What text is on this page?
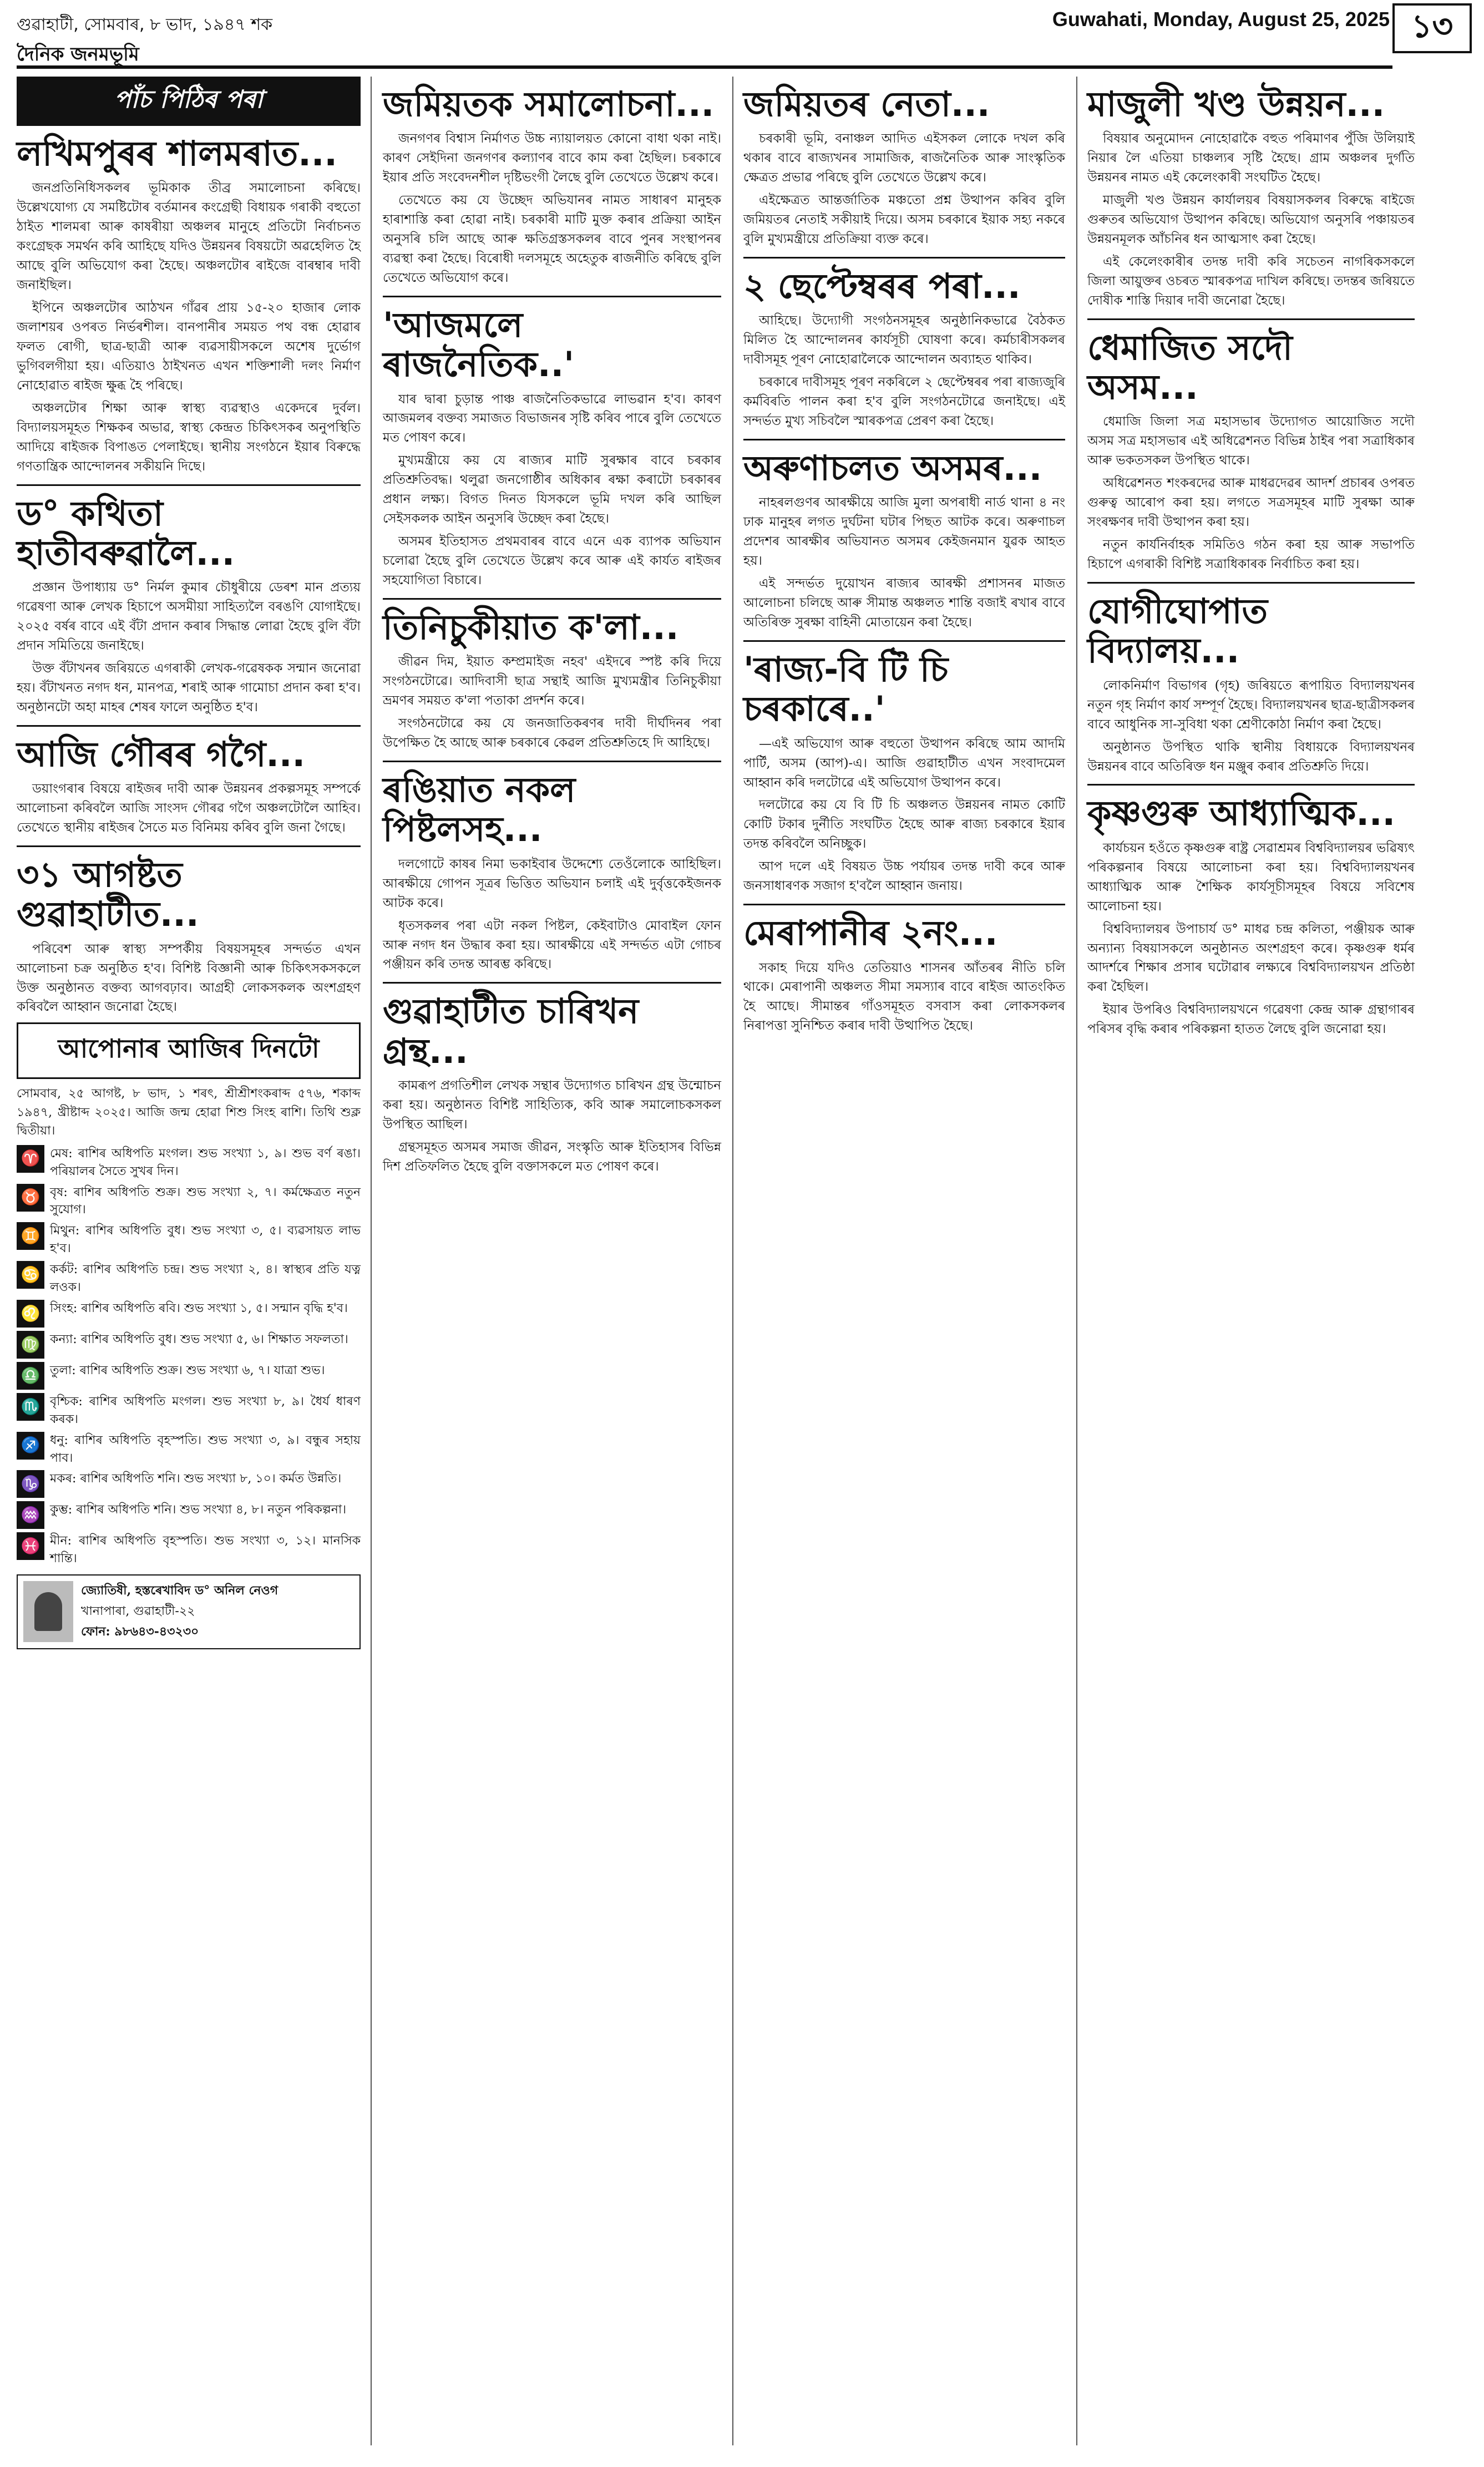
গুৱাহাটী, সোমবাৰ, ৮ ভাদ, ১৯৪৭ শক	Guwahati, Monday, August 25, 2025 ১৩
দৈনিক জনমভূমি
পাঁচ পিঠিৰ পৰা
লখিমপুৰৰ শালমৰাত...

জনপ্ৰতিনিধিসকলৰ ভূমিকাক তীব্ৰ সমালোচনা কৰিছে। উল্লেখযোগ্য যে সমষ্টিটোৰ বৰ্তমানৰ কংগ্ৰেছী বিধায়ক গৰাকী বহুতো ঠাইত শালমৰা আৰু কাষৰীয়া অঞ্চলৰ মানুহে প্ৰতিটো নিৰ্বাচনত কংগ্ৰেছক সমৰ্থন কৰি আহিছে যদিও উন্নয়নৰ বিষয়টো অৱহেলিত হৈ আছে বুলি অভিযোগ কৰা হৈছে। অঞ্চলটোৰ ৰাইজে বাৰম্বাৰ দাবী জনাইছিল।

ইপিনে অঞ্চলটোৰ আঠখন গাঁৱৰ প্ৰায় ১৫-২০ হাজাৰ লোক জলাশয়ৰ ওপৰত নিৰ্ভৰশীল। বানপানীৰ সময়ত পথ বন্ধ হোৱাৰ ফলত ৰোগী, ছাত্ৰ-ছাত্ৰী আৰু ব্যৱসায়ীসকলে অশেষ দুৰ্ভোগ ভুগিবলগীয়া হয়। এতিয়াও ঠাইখনত এখন শক্তিশালী দলং নিৰ্মাণ নোহোৱাত ৰাইজ ক্ষুব্ধ হৈ পৰিছে।

অঞ্চলটোৰ শিক্ষা আৰু স্বাস্থ্য ব্যৱস্থাও একেদৰে দুৰ্বল। বিদ্যালয়সমূহত শিক্ষকৰ অভাৱ, স্বাস্থ্য কেন্দ্ৰত চিকিৎসকৰ অনুপস্থিতি আদিয়ে ৰাইজক বিপাঙত পেলাইছে। স্থানীয় সংগঠনে ইয়াৰ বিৰুদ্ধে গণতান্ত্ৰিক আন্দোলনৰ সকীয়নি দিছে।

ড° কথিতা হাতীবৰুৱালৈ...

প্ৰজ্ঞান উপাধ্যায় ড° নিৰ্মল কুমাৰ চৌধুৰীয়ে ডেৰশ মান প্ৰত্যয় গৱেষণা আৰু লেখক হিচাপে অসমীয়া সাহিত্যলৈ বৰঙণি যোগাইছে। ২০২৫ বৰ্ষৰ বাবে এই বঁটা প্ৰদান কৰাৰ সিদ্ধান্ত লোৱা হৈছে বুলি বঁটা প্ৰদান সমিতিয়ে জনাইছে।

উক্ত বঁটাখনৰ জৰিয়তে এগৰাকী লেখক-গৱেষকক সন্মান জনোৱা হয়। বঁটাখনত নগদ ধন, মানপত্ৰ, শৰাই আৰু গামোচা প্ৰদান কৰা হ'ব। অনুষ্ঠানটো অহা মাহৰ শেষৰ ফালে অনুষ্ঠিত হ'ব।

আজি গৌৰৰ গগৈ...

ডয়াংগৰাৰ বিষয়ে ৰাইজৰ দাবী আৰু উন্নয়নৰ প্ৰকল্পসমূহ সম্পৰ্কে আলোচনা কৰিবলৈ আজি সাংসদ গৌৰৱ গগৈ অঞ্চলটোলৈ আহিব। তেখেতে স্থানীয় ৰাইজৰ সৈতে মত বিনিময় কৰিব বুলি জনা গৈছে।

৩১ আগষ্টত গুৱাহাটীত...

পৰিবেশ আৰু স্বাস্থ্য সম্পৰ্কীয় বিষয়সমূহৰ সন্দৰ্ভত এখন আলোচনা চক্ৰ অনুষ্ঠিত হ'ব। বিশিষ্ট বিজ্ঞানী আৰু চিকিৎসকসকলে উক্ত অনুষ্ঠানত বক্তব্য আগবঢ়াব। আগ্ৰহী লোকসকলক অংশগ্ৰহণ কৰিবলৈ আহ্বান জনোৱা হৈছে।

আপোনাৰ আজিৰ দিনটো
সোমবাৰ, ২৫ আগষ্ট, ৮ ভাদ, ১ শৰৎ, শ্ৰীশ্ৰীশংকৰাব্দ ৫৭৬, শকাব্দ ১৯৪৭, খ্ৰীষ্টাব্দ ২০২৫। আজি জন্ম হোৱা শিশু সিংহ ৰাশি। তিথি শুক্ল দ্বিতীয়া।
♈ মেষ: ৰাশিৰ অধিপতি মংগল। শুভ সংখ্যা ১, ৯। শুভ বৰ্ণ ৰঙা। পৰিয়ালৰ সৈতে সুখৰ দিন।
♉ বৃষ: ৰাশিৰ অধিপতি শুক্ৰ। শুভ সংখ্যা ২, ৭। কৰ্মক্ষেত্ৰত নতুন সুযোগ।
♊ মিথুন: ৰাশিৰ অধিপতি বুধ। শুভ সংখ্যা ৩, ৫। ব্যৱসায়ত লাভ হ'ব।
♋ কৰ্কট: ৰাশিৰ অধিপতি চন্দ্ৰ। শুভ সংখ্যা ২, ৪। স্বাস্থ্যৰ প্ৰতি যত্ন লওক।
♌ সিংহ: ৰাশিৰ অধিপতি ৰবি। শুভ সংখ্যা ১, ৫। সন্মান বৃদ্ধি হ'ব।
♍ কন্যা: ৰাশিৰ অধিপতি বুধ। শুভ সংখ্যা ৫, ৬। শিক্ষাত সফলতা।
♎ তুলা: ৰাশিৰ অধিপতি শুক্ৰ। শুভ সংখ্যা ৬, ৭। যাত্ৰা শুভ।
♏ বৃশ্চিক: ৰাশিৰ অধিপতি মংগল। শুভ সংখ্যা ৮, ৯। ধৈৰ্য ধাৰণ কৰক।
♐ ধনু: ৰাশিৰ অধিপতি বৃহস্পতি। শুভ সংখ্যা ৩, ৯। বন্ধুৰ সহায় পাব।
♑ মকৰ: ৰাশিৰ অধিপতি শনি। শুভ সংখ্যা ৮, ১০। কৰ্মত উন্নতি।
♒ কুম্ভ: ৰাশিৰ অধিপতি শনি। শুভ সংখ্যা ৪, ৮। নতুন পৰিকল্পনা।
♓ মীন: ৰাশিৰ অধিপতি বৃহস্পতি। শুভ সংখ্যা ৩, ১২। মানসিক শান্তি।
জ্যোতিষী, হস্তৰেখাবিদ ড° অনিল নেওগ
খানাপাৰা, গুৱাহাটী-২২
ফোন: ৯৮৬৪৩-৪৩২৩০
জমিয়তক সমালোচনা...

জনগণৰ বিশ্বাস নিৰ্মাণত উচ্চ ন্যায়ালয়ত কোনো বাধা থকা নাই। কাৰণ সেইদিনা জনগণৰ কল্যাণৰ বাবে কাম কৰা হৈছিল। চৰকাৰে ইয়াৰ প্ৰতি সংবেদনশীল দৃষ্টিভংগী লৈছে বুলি তেখেতে উল্লেখ কৰে।

তেখেতে কয় যে উচ্ছেদ অভিযানৰ নামত সাধাৰণ মানুহক হাৰাশাস্তি কৰা হোৱা নাই। চৰকাৰী মাটি মুক্ত কৰাৰ প্ৰক্ৰিয়া আইন অনুসৰি চলি আছে আৰু ক্ষতিগ্ৰস্তসকলৰ বাবে পুনৰ সংস্থাপনৰ ব্যৱস্থা কৰা হৈছে। বিৰোধী দলসমূহে অহেতুক ৰাজনীতি কৰিছে বুলি তেখেতে অভিযোগ কৰে।

'আজমলে ৰাজনৈতিক..'

যাৰ দ্বাৰা চুড়ান্ত পাঞ্চ ৰাজনৈতিকভাৱে লাভৱান হ'ব। কাৰণ আজমলৰ বক্তব্য সমাজত বিভাজনৰ সৃষ্টি কৰিব পাৰে বুলি তেখেতে মত পোষণ কৰে।

মুখ্যমন্ত্ৰীয়ে কয় যে ৰাজ্যৰ মাটি সুৰক্ষাৰ বাবে চৰকাৰ প্ৰতিশ্ৰুতিবদ্ধ। থলুৱা জনগোষ্ঠীৰ অধিকাৰ ৰক্ষা কৰাটো চৰকাৰৰ প্ৰধান লক্ষ্য। বিগত দিনত যিসকলে ভূমি দখল কৰি আছিল সেইসকলক আইন অনুসৰি উচ্ছেদ কৰা হৈছে।

অসমৰ ইতিহাসত প্ৰথমবাৰৰ বাবে এনে এক ব্যাপক অভিযান চলোৱা হৈছে বুলি তেখেতে উল্লেখ কৰে আৰু এই কাৰ্যত ৰাইজৰ সহযোগিতা বিচাৰে।

তিনিচুকীয়াত ক'লা...

জীৱন দিম, ইয়াত কম্প্ৰমাইজ নহব' এইদৰে স্পষ্ট কৰি দিয়ে সংগঠনটোৱে। আদিবাসী ছাত্ৰ সন্থাই আজি মুখ্যমন্ত্ৰীৰ তিনিচুকীয়া ভ্ৰমণৰ সময়ত ক'লা পতাকা প্ৰদৰ্শন কৰে।

সংগঠনটোৱে কয় যে জনজাতিকৰণৰ দাবী দীৰ্ঘদিনৰ পৰা উপেক্ষিত হৈ আছে আৰু চৰকাৰে কেৱল প্ৰতিশ্ৰুতিহে দি আহিছে।

ৰঙিয়াত নকল পিষ্টলসহ...

দলগোটে কাষৰ নিমা ভকাইবাৰ উদ্দেশ্যে তেওঁলোকে আহিছিল। আৰক্ষীয়ে গোপন সূত্ৰৰ ভিত্তিত অভিযান চলাই এই দুৰ্বৃত্তকেইজনক আটক কৰে।

ধৃতসকলৰ পৰা এটা নকল পিষ্টল, কেইবাটাও মোবাইল ফোন আৰু নগদ ধন উদ্ধাৰ কৰা হয়। আৰক্ষীয়ে এই সন্দৰ্ভত এটা গোচৰ পঞ্জীয়ন কৰি তদন্ত আৰম্ভ কৰিছে।

গুৱাহাটীত চাৰিখন গ্ৰন্থ...

কামৰূপ প্ৰগতিশীল লেখক সন্থাৰ উদ্যোগত চাৰিখন গ্ৰন্থ উন্মোচন কৰা হয়। অনুষ্ঠানত বিশিষ্ট সাহিত্যিক, কবি আৰু সমালোচকসকল উপস্থিত আছিল।

গ্ৰন্থসমূহত অসমৰ সমাজ জীৱন, সংস্কৃতি আৰু ইতিহাসৰ বিভিন্ন দিশ প্ৰতিফলিত হৈছে বুলি বক্তাসকলে মত পোষণ কৰে।

জমিয়তৰ নেতা...

চৰকাৰী ভূমি, বনাঞ্চল আদিত এইসকল লোকে দখল কৰি থকাৰ বাবে ৰাজ্যখনৰ সামাজিক, ৰাজনৈতিক আৰু সাংস্কৃতিক ক্ষেত্ৰত প্ৰভাৱ পৰিছে বুলি তেখেতে উল্লেখ কৰে।

এইক্ষেত্ৰত আন্তৰ্জাতিক মঞ্চতো প্ৰশ্ন উত্থাপন কৰিব বুলি জমিয়তৰ নেতাই সকীয়াই দিয়ে। অসম চৰকাৰে ইয়াক সহ্য নকৰে বুলি মুখ্যমন্ত্ৰীয়ে প্ৰতিক্ৰিয়া ব্যক্ত কৰে।

২ ছেপ্টেম্বৰৰ পৰা...

আহিছে। উদ্যোগী সংগঠনসমূহৰ অনুষ্ঠানিকভাৱে বৈঠকত মিলিত হৈ আন্দোলনৰ কাৰ্যসূচী ঘোষণা কৰে। কৰ্মচাৰীসকলৰ দাবীসমূহ পূৰণ নোহোৱালৈকে আন্দোলন অব্যাহত থাকিব।

চৰকাৰে দাবীসমূহ পূৰণ নকৰিলে ২ ছেপ্টেম্বৰৰ পৰা ৰাজ্যজুৰি কৰ্মবিৰতি পালন কৰা হ'ব বুলি সংগঠনটোৱে জনাইছে। এই সন্দৰ্ভত মুখ্য সচিবলৈ স্মাৰকপত্ৰ প্ৰেৰণ কৰা হৈছে।

অৰুণাচলত অসমৰ...

নাহৰলগুণৰ আৰক্ষীয়ে আজি মুলা অপৰাধী নাৰ্ড থানা ৪ নং ঢাক মানুহৰ লগত দুৰ্ঘটনা ঘটাৰ পিছত আটক কৰে। অৰুণাচল প্ৰদেশৰ আৰক্ষীৰ অভিযানত অসমৰ কেইজনমান যুৱক আহত হয়।

এই সন্দৰ্ভত দুয়োখন ৰাজ্যৰ আৰক্ষী প্ৰশাসনৰ মাজত আলোচনা চলিছে আৰু সীমান্ত অঞ্চলত শান্তি বজাই ৰখাৰ বাবে অতিৰিক্ত সুৰক্ষা বাহিনী মোতায়েন কৰা হৈছে।

'ৰাজ্য-বি টি চি চৰকাৰে..'

—এই অভিযোগ আৰু বহুতো উত্থাপন কৰিছে আম আদমি পাৰ্টি, অসম (আপ)-এ। আজি গুৱাহাটীত এখন সংবাদমেল আহ্বান কৰি দলটোৱে এই অভিযোগ উত্থাপন কৰে।

দলটোৱে কয় যে বি টি চি অঞ্চলত উন্নয়নৰ নামত কোটি কোটি টকাৰ দুৰ্নীতি সংঘটিত হৈছে আৰু ৰাজ্য চৰকাৰে ইয়াৰ তদন্ত কৰিবলৈ অনিচ্ছুক।

আপ দলে এই বিষয়ত উচ্চ পৰ্যায়ৰ তদন্ত দাবী কৰে আৰু জনসাধাৰণক সজাগ হ'বলৈ আহ্বান জনায়।

মেৰাপানীৰ ২নং...

সকাহ দিয়ে যদিও তেতিয়াও শাসনৰ আঁতৰৰ নীতি চলি থাকে। মেৰাপানী অঞ্চলত সীমা সমস্যাৰ বাবে ৰাইজ আতংকিত হৈ আছে। সীমান্তৰ গাঁওসমূহত বসবাস কৰা লোকসকলৰ নিৰাপত্তা সুনিশ্চিত কৰাৰ দাবী উত্থাপিত হৈছে।

মাজুলী খণ্ড উন্নয়ন...

বিষয়াৰ অনুমোদন নোহোৱাকৈ বহুত পৰিমাণৰ পুঁজি উলিয়াই নিয়াৰ লৈ এতিয়া চাঞ্চল্যৰ সৃষ্টি হৈছে। গ্ৰাম অঞ্চলৰ দুৰ্গতি উন্নয়নৰ নামত এই কেলেংকাৰী সংঘটিত হৈছে।

মাজুলী খণ্ড উন্নয়ন কাৰ্যালয়ৰ বিষয়াসকলৰ বিৰুদ্ধে ৰাইজে গুৰুতৰ অভিযোগ উত্থাপন কৰিছে। অভিযোগ অনুসৰি পঞ্চায়তৰ উন্নয়নমূলক আঁচনিৰ ধন আত্মসাৎ কৰা হৈছে।

এই কেলেংকাৰীৰ তদন্ত দাবী কৰি সচেতন নাগৰিকসকলে জিলা আয়ুক্তৰ ওচৰত স্মাৰকপত্ৰ দাখিল কৰিছে। তদন্তৰ জৰিয়তে দোষীক শাস্তি দিয়াৰ দাবী জনোৱা হৈছে।

ধেমাজিত সদৌ অসম...

ধেমাজি জিলা সত্ৰ মহাসভাৰ উদ্যোগত আয়োজিত সদৌ অসম সত্ৰ মহাসভাৰ এই অধিৱেশনত বিভিন্ন ঠাইৰ পৰা সত্ৰাধিকাৰ আৰু ভকতসকল উপস্থিত থাকে।

অধিৱেশনত শংকৰদেৱ আৰু মাধৱদেৱৰ আদৰ্শ প্ৰচাৰৰ ওপৰত গুৰুত্ব আৰোপ কৰা হয়। লগতে সত্ৰসমূহৰ মাটি সুৰক্ষা আৰু সংৰক্ষণৰ দাবী উত্থাপন কৰা হয়।

নতুন কাৰ্যনিৰ্বাহক সমিতিও গঠন কৰা হয় আৰু সভাপতি হিচাপে এগৰাকী বিশিষ্ট সত্ৰাধিকাৰক নিৰ্বাচিত কৰা হয়।

যোগীঘোপাত বিদ্যালয়...

লোকনিৰ্মাণ বিভাগৰ (গৃহ) জৰিয়তে ৰূপায়িত বিদ্যালয়খনৰ নতুন গৃহ নিৰ্মাণ কাৰ্য সম্পূৰ্ণ হৈছে। বিদ্যালয়খনৰ ছাত্ৰ-ছাত্ৰীসকলৰ বাবে আধুনিক সা-সুবিধা থকা শ্ৰেণীকোঠা নিৰ্মাণ কৰা হৈছে।

অনুষ্ঠানত উপস্থিত থাকি স্থানীয় বিধায়কে বিদ্যালয়খনৰ উন্নয়নৰ বাবে অতিৰিক্ত ধন মঞ্জুৰ কৰাৰ প্ৰতিশ্ৰুতি দিয়ে।

কৃষ্ণগুৰু আধ্যাত্মিক...

কাৰ্যচয়ন হওঁতে কৃষ্ণগুৰু ৰাষ্ট্ৰ সেৱাশ্ৰমৰ বিশ্ববিদ্যালয়ৰ ভৱিষ্যৎ পৰিকল্পনাৰ বিষয়ে আলোচনা কৰা হয়। বিশ্ববিদ্যালয়খনৰ আধ্যাত্মিক আৰু শৈক্ষিক কাৰ্যসূচীসমূহৰ বিষয়ে সবিশেষ আলোচনা হয়।

বিশ্ববিদ্যালয়ৰ উপাচাৰ্য ড° মাধৱ চন্দ্ৰ কলিতা, পঞ্জীয়ক আৰু অন্যান্য বিষয়াসকলে অনুষ্ঠানত অংশগ্ৰহণ কৰে। কৃষ্ণগুৰু ধৰ্মৰ আদৰ্শৰে শিক্ষাৰ প্ৰসাৰ ঘটোৱাৰ লক্ষ্যৰে বিশ্ববিদ্যালয়খন প্ৰতিষ্ঠা কৰা হৈছিল।

ইয়াৰ উপৰিও বিশ্ববিদ্যালয়খনে গৱেষণা কেন্দ্ৰ আৰু গ্ৰন্থাগাৰৰ পৰিসৰ বৃদ্ধি কৰাৰ পৰিকল্পনা হাতত লৈছে বুলি জনোৱা হয়।
